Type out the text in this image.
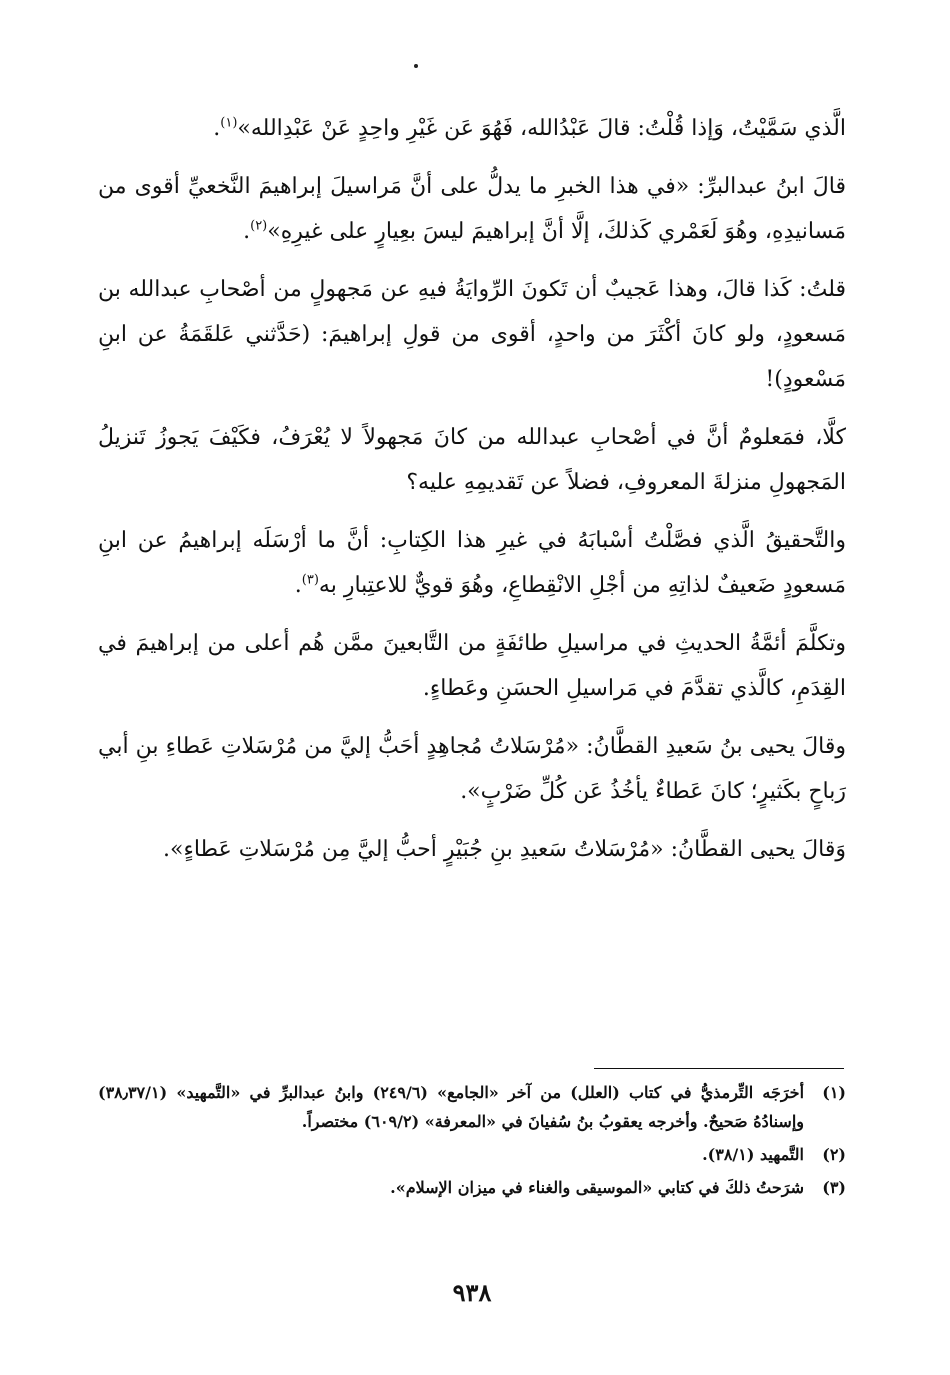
الَّذي سَمَّيْتُ، وَإذا قُلْتُ: قالَ عَبْدُالله، فَهُوَ عَن غَيْرِ واحِدٍ عَنْ عَبْدِالله»$^{(١)}$.

قالَ ابنُ عبدالبرِّ: «في هذا الخبرِ ما يدلُّ على أنَّ مَراسيلَ إبراهيمَ النَّخعيِّ أقوى من مَسانيدِهِ، وهُوَ لَعَمْري كَذلكَ، إلَّا أنَّ إبراهيمَ ليسَ بعِيارٍ على غيرِهِ»$^{(٢)}$.

قلتُ: كَذا قالَ، وهذا عَجيبٌ أن تَكونَ الرِّوايَةُ فيهِ عن مَجهولٍ من أصْحابِ عبدالله بن مَسعودٍ، ولو كانَ أكْثَرَ من واحدٍ، أقوى من قولِ إبراهيمَ: (حَدَّثني عَلقَمَةُ عن ابنِ مَسْعودٍ)!

كلَّا، فمَعلومٌ أنَّ في أصْحابِ عبدالله من كانَ مَجهولاً لا يُعْرَفُ، فكَيْفَ يَجوزُ تَنزيلُ المَجهولِ منزلةَ المعروفِ، فضلاً عن تَقديمِهِ عليه؟

والتَّحقيقُ الَّذي فصَّلْتُ أسْبابَهُ في غيرِ هذا الكِتابِ: أنَّ ما أرْسَلَه إبراهيمُ عن ابنِ مَسعودٍ ضَعيفٌ لذاتِهِ من أجْلِ الانْقِطاعِ، وهُوَ قويٌّ للاعتِبارِ به$^{(٣)}$.

وتكلَّمَ أئمَّةُ الحديثِ في مراسيلِ طائفَةٍ من التَّابعينَ ممَّن هُم أعلى من إبراهيمَ في القِدَمِ، كالَّذي تقدَّمَ في مَراسيلِ الحسَنِ وعَطاءٍ.

وقالَ يحيى بنُ سَعيدِ القطَّانُ: «مُرْسَلاتُ مُجاهِدٍ أحَبُّ إليَّ من مُرْسَلاتِ عَطاءِ بنِ أبي رَباحٍ بكَثيرٍ؛ كانَ عَطاءٌ يأخُذُ عَن كُلِّ ضَرْبٍ».

وَقالَ يحيى القطَّانُ: «مُرْسَلاتُ سَعيدِ بنِ جُبَيْرٍ أحبُّ إليَّ مِن مُرْسَلاتِ عَطاءٍ».

(١)
أخرَجَه التِّرمذيُّ في كتاب (العلل) من آخر «الجامع» (٢٤٩/٦) وابنُ عبدالبرِّ في «التَّمهيد» (٣٨٫٣٧/١) وإسنادُهُ صَحيحٌ. وأخرجه يعقوبُ بنُ سُفيانَ في «المعرفة» (٦٠٩/٢) مختصراً.
(٢)
التَّمهيد (٣٨/١).
(٣)
شرَحتُ ذلكَ في كتابي «الموسيقى والغناء في ميزان الإسلام».
٩٣٨
